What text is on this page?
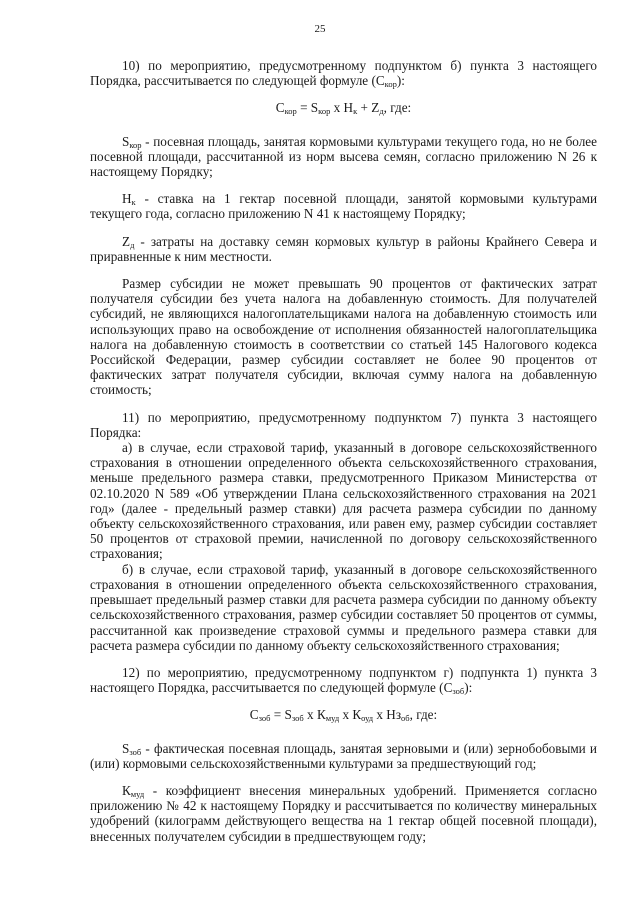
25

10) по мероприятию, предусмотренному подпунктом б) пункта 3 настоящего Порядка, рассчитывается по следующей формуле $(С_{кор})$:

$С_{кор} = S_{кор}$ x $Н_к + Z_д$, где:

$S_{кор}$ - посевная площадь, занятая кормовыми культурами текущего года, но не более посевной площади, рассчитанной из норм высева семян, согласно приложению N 26 к настоящему Порядку;

$Н_к$ - ставка на 1 гектар посевной площади, занятой кормовыми культурами текущего года, согласно приложению N 41 к настоящему Порядку;

$Z_д$ - затраты на доставку семян кормовых культур в районы Крайнего Севера и приравненные к ним местности.

Размер субсидии не может превышать 90 процентов от фактических затрат получателя субсидии без учета налога на добавленную стоимость. Для получателей субсидий, не являющихся налогоплательщиками налога на добавленную стоимость или использующих право на освобождение от исполнения обязанностей налогоплательщика налога на добавленную стоимость в соответствии со статьей 145 Налогового кодекса Российской Федерации, размер субсидии составляет не более 90 процентов от фактических затрат получателя субсидии, включая сумму налога на добавленную стоимость;

11) по мероприятию, предусмотренному подпунктом 7) пункта 3 настоящего Порядка:

а) в случае, если страховой тариф, указанный в договоре сельскохозяйственного страхования в отношении определенного объекта сельскохозяйственного страхования, меньше предельного размера ставки, предусмотренного Приказом Министерства от 02.10.2020 N 589 «Об утверждении Плана сельскохозяйственного страхования на 2021 год» (далее - предельный размер ставки) для расчета размера субсидии по данному объекту сельскохозяйственного страхования, или равен ему, размер субсидии составляет 50 процентов от страховой премии, начисленной по договору сельскохозяйственного страхования;

б) в случае, если страховой тариф, указанный в договоре сельскохозяйственного страхования в отношении определенного объекта сельскохозяйственного страхования, превышает предельный размер ставки для расчета размера субсидии по данному объекту сельскохозяйственного страхования, размер субсидии составляет 50 процентов от суммы, рассчитанной как произведение страховой суммы и предельного размера ставки для расчета размера субсидии по данному объекту сельскохозяйственного страхования;

12) по мероприятию, предусмотренному подпунктом г) подпункта 1) пункта 3 настоящего Порядка, рассчитывается по следующей формуле $(С_{зоб})$:

$С_{зоб} = S_{зоб}$ x $К_{муд}$ x $К_{оуд}$ x $Нз_{об}$, где:

$S_{зоб}$ - фактическая посевная площадь, занятая зерновыми и (или) зернобобовыми и (или) кормовыми сельскохозяйственными культурами за предшествующий год;

$К_{муд}$ - коэффициент внесения минеральных удобрений. Применяется согласно приложению № 42 к настоящему Порядку и рассчитывается по количеству минеральных удобрений (килограмм действующего вещества на 1 гектар общей посевной площади), внесенных получателем субсидии в предшествующем году;
